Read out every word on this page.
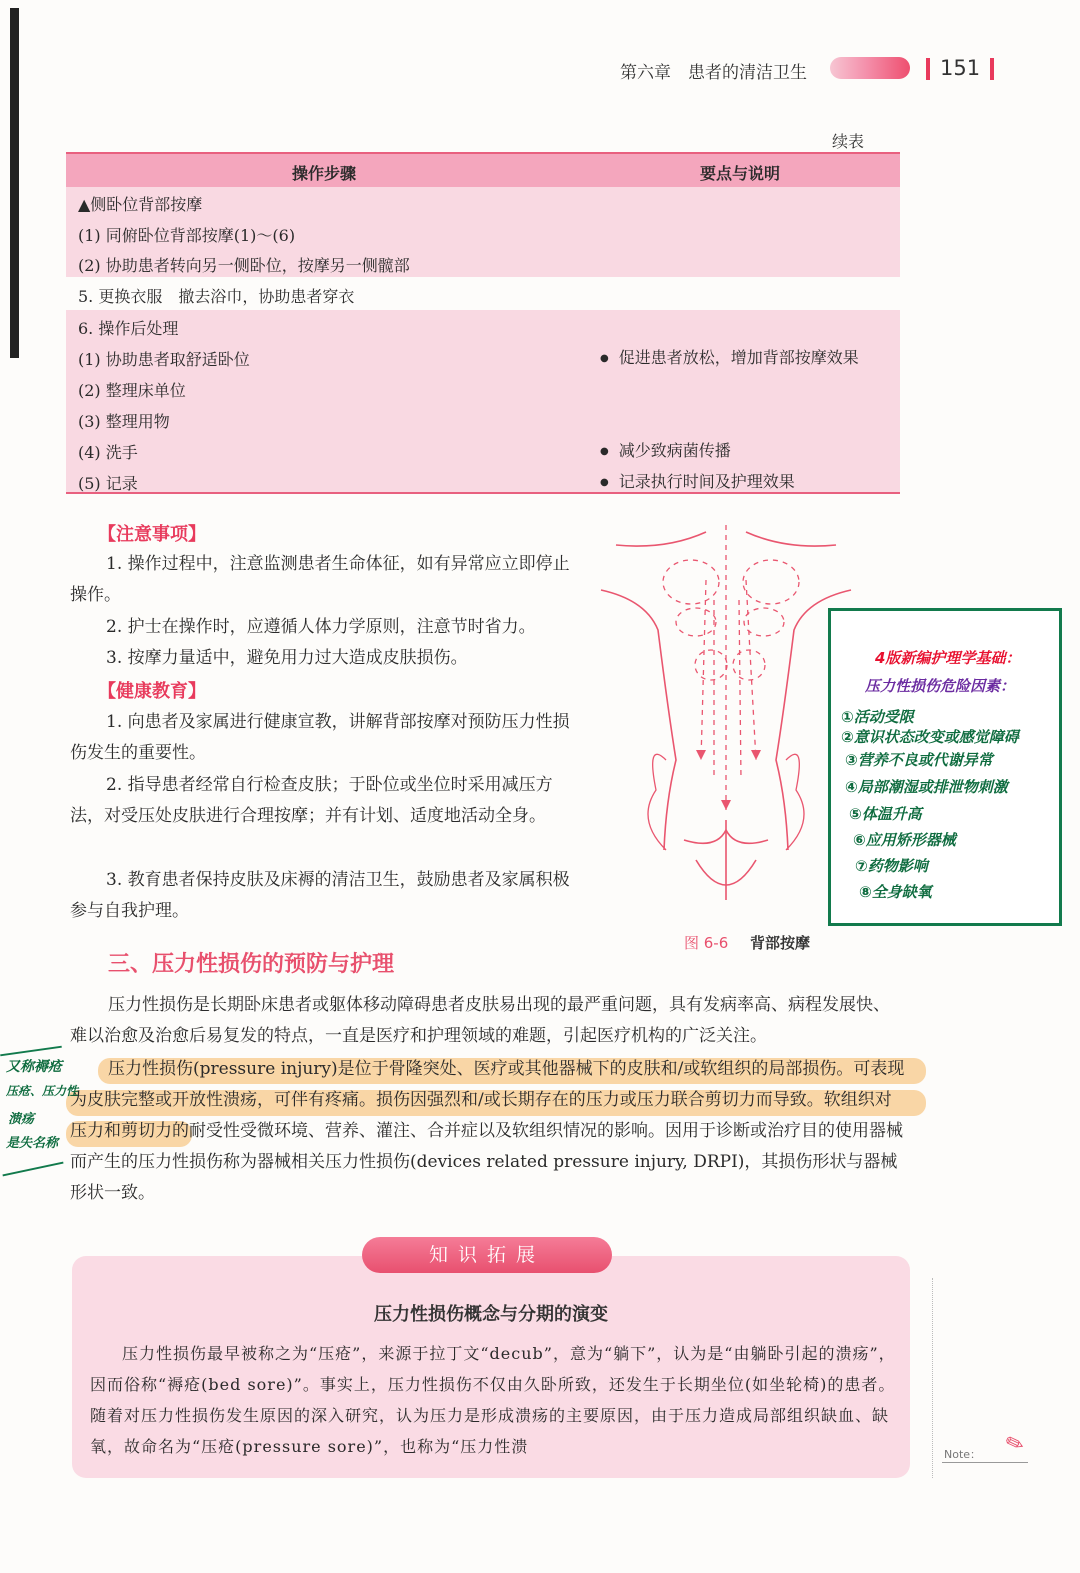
第六章　患者的清洁卫生	151
续表
操作步骤	要点与说明
▲侧卧位背部按摩
(1) 同俯卧位背部按摩(1)～(6)
(2) 协助患者转向另一侧卧位，按摩另一侧髋部
5. 更换衣服　撤去浴巾，协助患者穿衣
6. 操作后处理
(1) 协助患者取舒适卧位	● 促进患者放松，增加背部按摩效果
(2) 整理床单位
(3) 整理用物
(4) 洗手	● 减少致病菌传播
(5) 记录	● 记录执行时间及护理效果
【注意事项】
1. 操作过程中，注意监测患者生命体征，如有异常应立即停止操作。
2. 护士在操作时，应遵循人体力学原则，注意节时省力。
3. 按摩力量适中，避免用力过大造成皮肤损伤。
【健康教育】
1. 向患者及家属进行健康宣教，讲解背部按摩对预防压力性损伤发生的重要性。
2. 指导患者经常自行检查皮肤；于卧位或坐位时采用减压方法，对受压处皮肤进行合理按摩；并有计划、适度地活动全身。
3. 教育患者保持皮肤及床褥的清洁卫生，鼓励患者及家属积极参与自我护理。
图 6-6 背部按摩
4版新编护理学基础：
压力性损伤危险因素：
①活动受限
②意识状态改变或感觉障碍
③营养不良或代谢异常
④局部潮湿或排泄物刺激
⑤体温升高
⑥应用矫形器械
⑦药物影响
⑧全身缺氧
三、压力性损伤的预防与护理
压力性损伤是长期卧床患者或躯体移动障碍患者皮肤易出现的最严重问题，具有发病率高、病程发展快、难以治愈及治愈后易复发的特点，一直是医疗和护理领域的难题，引起医疗机构的广泛关注。
压力性损伤(pressure injury)是位于骨隆突处、医疗或其他器械下的皮肤和/或软组织的局部损伤。可表现为皮肤完整或开放性溃疡，可伴有疼痛。损伤因强烈和/或长期存在的压力或压力联合剪切力而导致。软组织对压力和剪切力的耐受性受微环境、营养、灌注、合并症以及软组织情况的影响。因用于诊断或治疗目的使用器械而产生的压力性损伤称为器械相关压力性损伤(devices related pressure injury, DRPI)，其损伤形状与器械形状一致。
又称褥疮
压疮、压力性
溃疡
是失名称
压力性损伤概念与分期的演变
压力性损伤最早被称之为“压疮”，来源于拉丁文“decub”，意为“躺下”，认为是“由躺卧引起的溃疡”，因而俗称“褥疮(bed sore)”。事实上，压力性损伤不仅由久卧所致，还发生于长期坐位(如坐轮椅)的患者。随着对压力性损伤发生原因的深入研究，认为压力是形成溃疡的主要原因，由于压力造成局部组织缺血、缺氧，故命名为“压疮(pressure sore)”，也称为“压力性溃
知识拓展
Note： ✎
